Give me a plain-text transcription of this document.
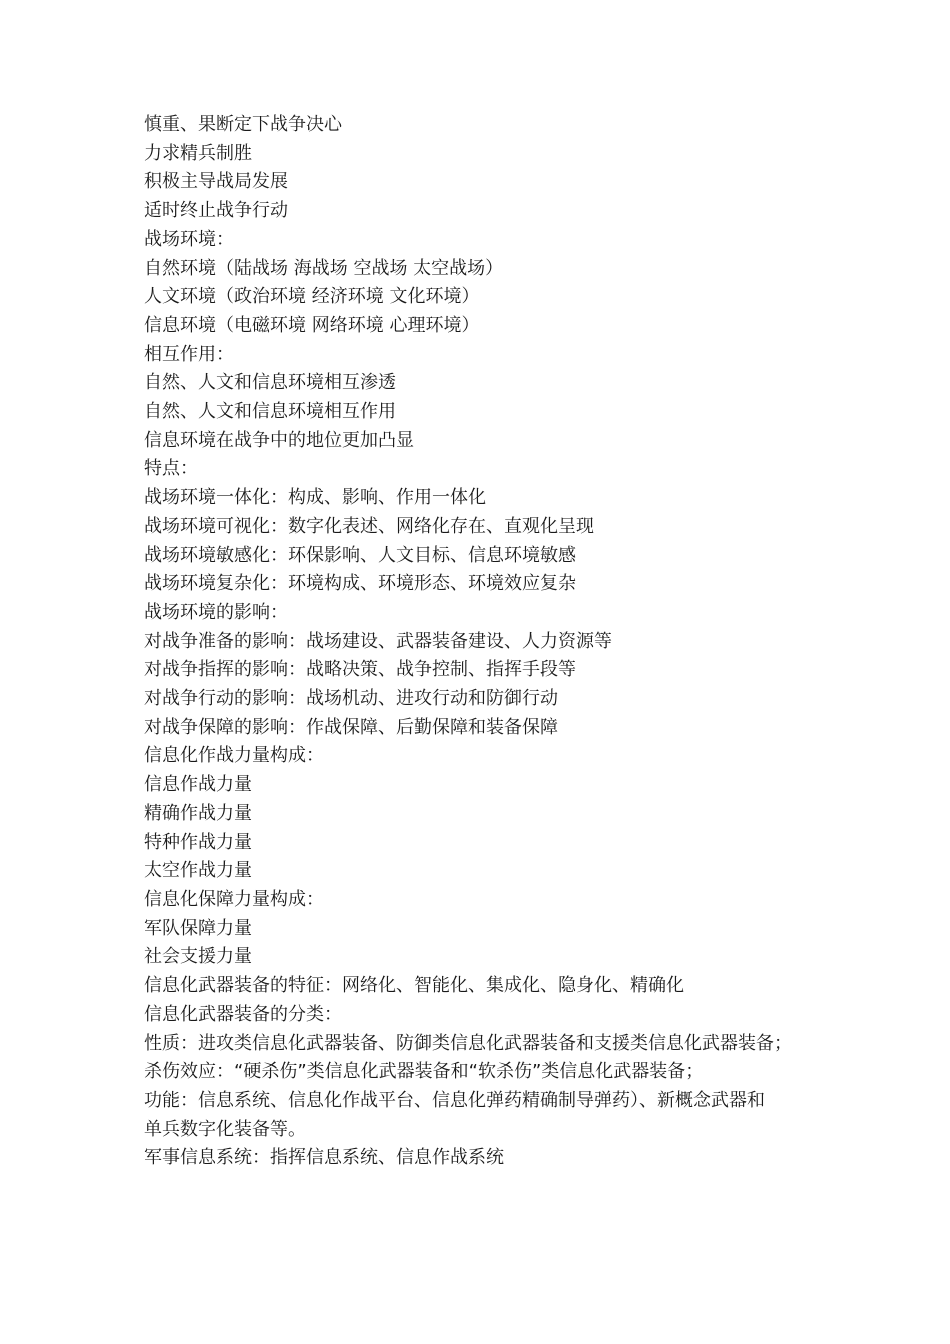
慎重、果断定下战争决心

力求精兵制胜

积极主导战局发展

适时终止战争行动

战场环境：

自然环境（陆战场 海战场 空战场 太空战场）

人文环境（政治环境 经济环境 文化环境）

信息环境（电磁环境 网络环境 心理环境）

相互作用：

自然、人文和信息环境相互渗透

自然、人文和信息环境相互作用

信息环境在战争中的地位更加凸显

特点：

战场环境一体化：构成、影响、作用一体化

战场环境可视化：数字化表述、网络化存在、直观化呈现

战场环境敏感化：环保影响、人文目标、信息环境敏感

战场环境复杂化：环境构成、环境形态、环境效应复杂

战场环境的影响：

对战争准备的影响：战场建设、武器装备建设、人力资源等

对战争指挥的影响：战略决策、战争控制、指挥手段等

对战争行动的影响：战场机动、进攻行动和防御行动

对战争保障的影响：作战保障、后勤保障和装备保障

信息化作战力量构成：

信息作战力量

精确作战力量

特种作战力量

太空作战力量

信息化保障力量构成：

军队保障力量

社会支援力量

信息化武器装备的特征：网络化、智能化、集成化、隐身化、精确化

信息化武器装备的分类：

性质：进攻类信息化武器装备、防御类信息化武器装备和支援类信息化武器装备；

杀伤效应：“硬杀伤”类信息化武器装备和“软杀伤”类信息化武器装备；

功能：信息系统、信息化作战平台、信息化弹药精确制导弹药）、新概念武器和

单兵数字化装备等。

军事信息系统：指挥信息系统、信息作战系统
